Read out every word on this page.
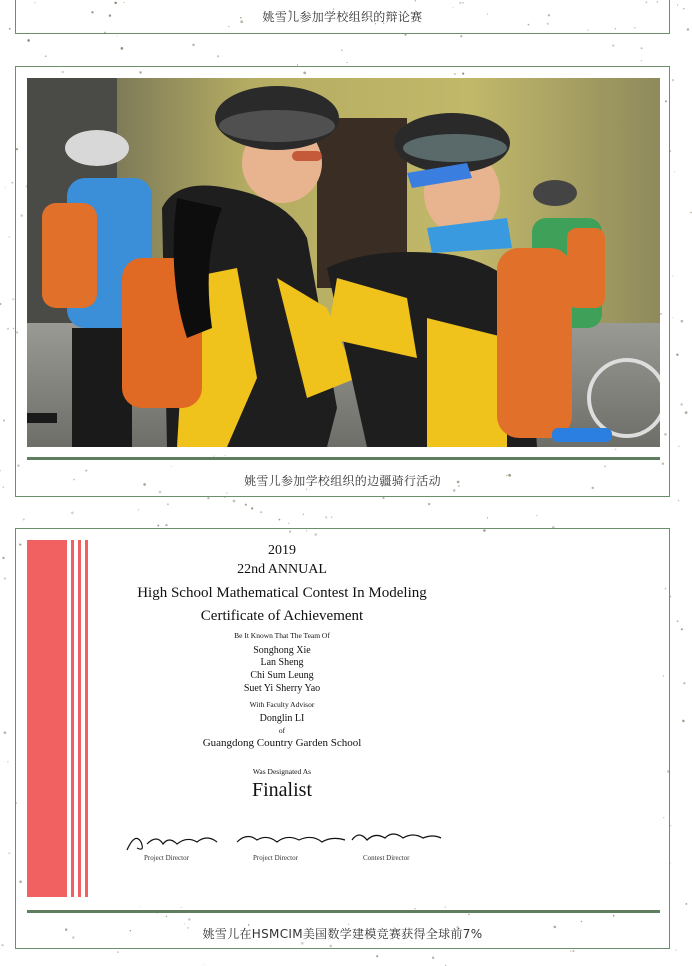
姚雪儿参加学校组织的辩论赛
姚雪儿参加学校组织的边疆骑行活动
2019
22nd ANNUAL
High School Mathematical Contest In Modeling
Certificate of Achievement
Be It Known That The Team Of
Songhong Xie
Lan Sheng
Chi Sum Leung
Suet Yi Sherry Yao
With Faculty Advisor
Donglin LI
of
Guangdong Country Garden School
Was Designated As
Finalist
Project Director	Project Director	Contest Director
姚雪儿在HSMCIM美国数学建模竞赛获得全球前7%
